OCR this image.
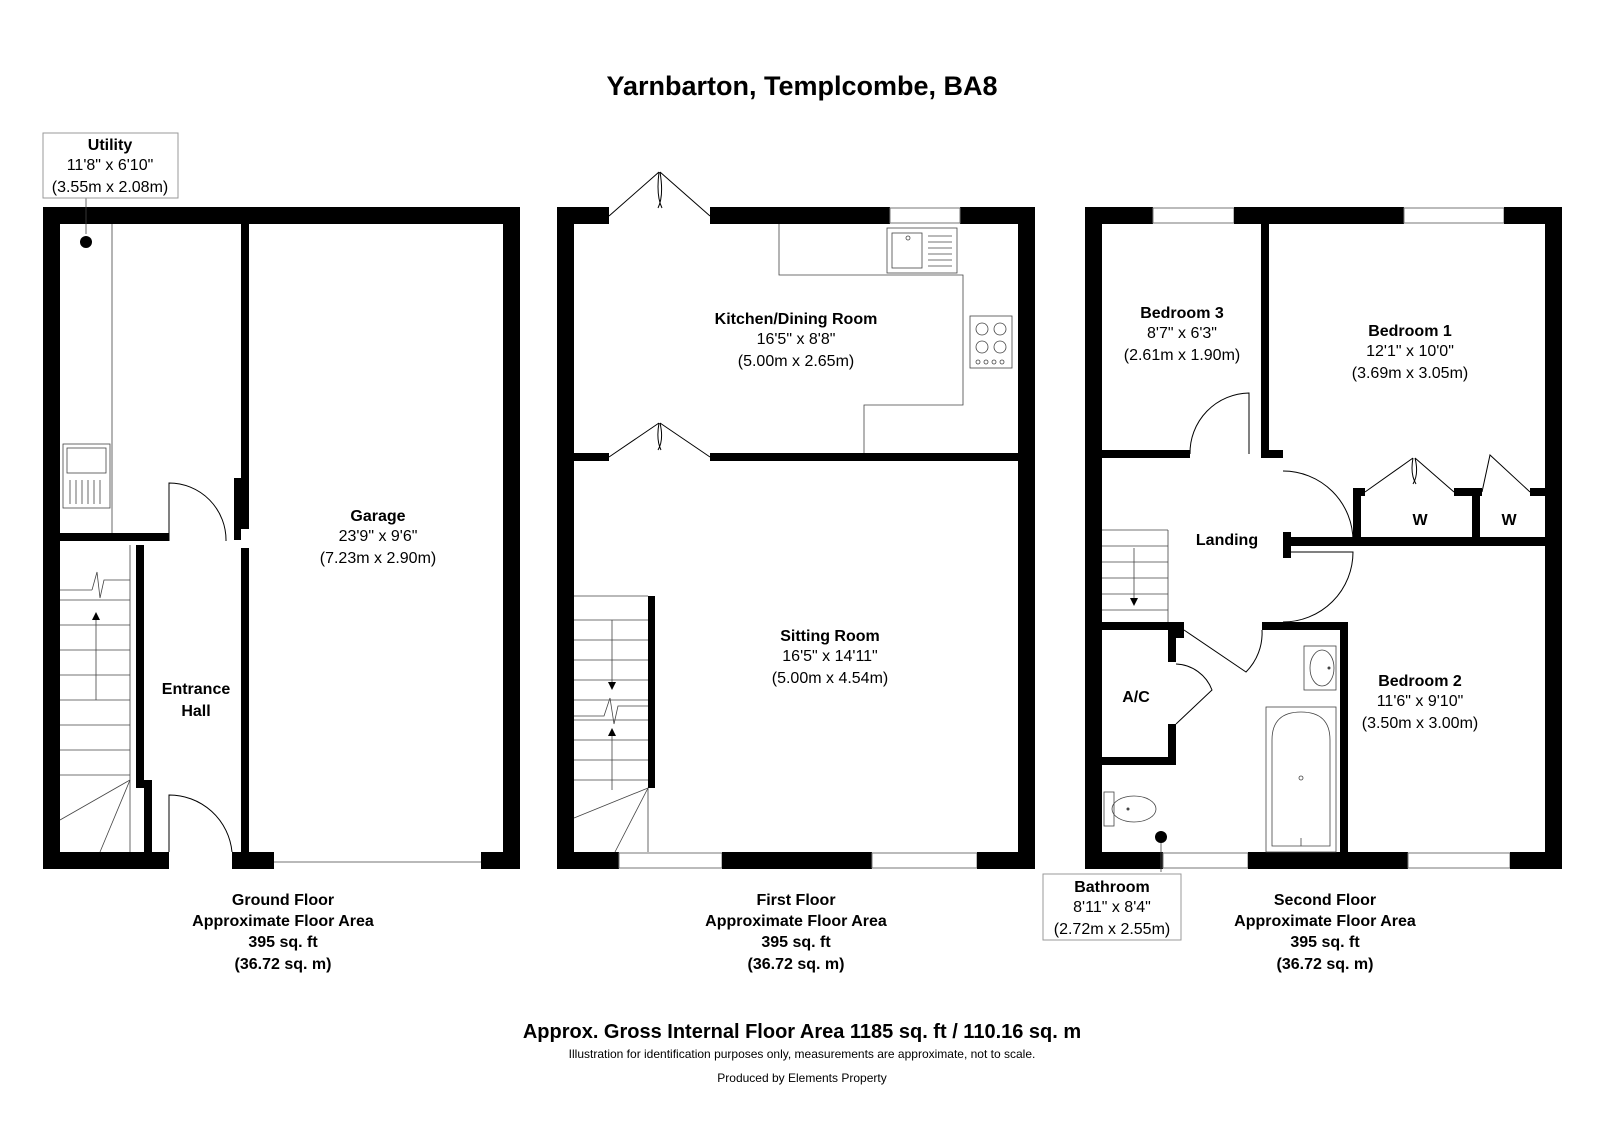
Yarnbarton, Templcombe, BA8
Utility
11'8" x 6'10"
(3.55m x 2.08m)
Garage
23'9" x 9'6"
(7.23m x 2.90m)
Entrance
Hall
Ground Floor
Approximate Floor Area
395 sq. ft
(36.72 sq. m)
Kitchen/Dining Room
16'5" x 8'8"
(5.00m x 2.65m)
Sitting Room
16'5" x 14'11"
(5.00m x 4.54m)
First Floor
Approximate Floor Area
395 sq. ft
(36.72 sq. m)
Bedroom 3
8'7" x 6'3"
(2.61m x 1.90m)
Bedroom 1
12'1" x 10'0"
(3.69m x 3.05m)
Landing
W	W
A/C
Bedroom 2
11'6" x 9'10"
(3.50m x 3.00m)
Bathroom
8'11" x 8'4"
(2.72m x 2.55m)
Second Floor
Approximate Floor Area
395 sq. ft
(36.72 sq. m)
Approx. Gross Internal Floor Area 1185 sq. ft / 110.16 sq. m
Illustration for identification purposes only, measurements are approximate, not to scale.
Produced by Elements Property
